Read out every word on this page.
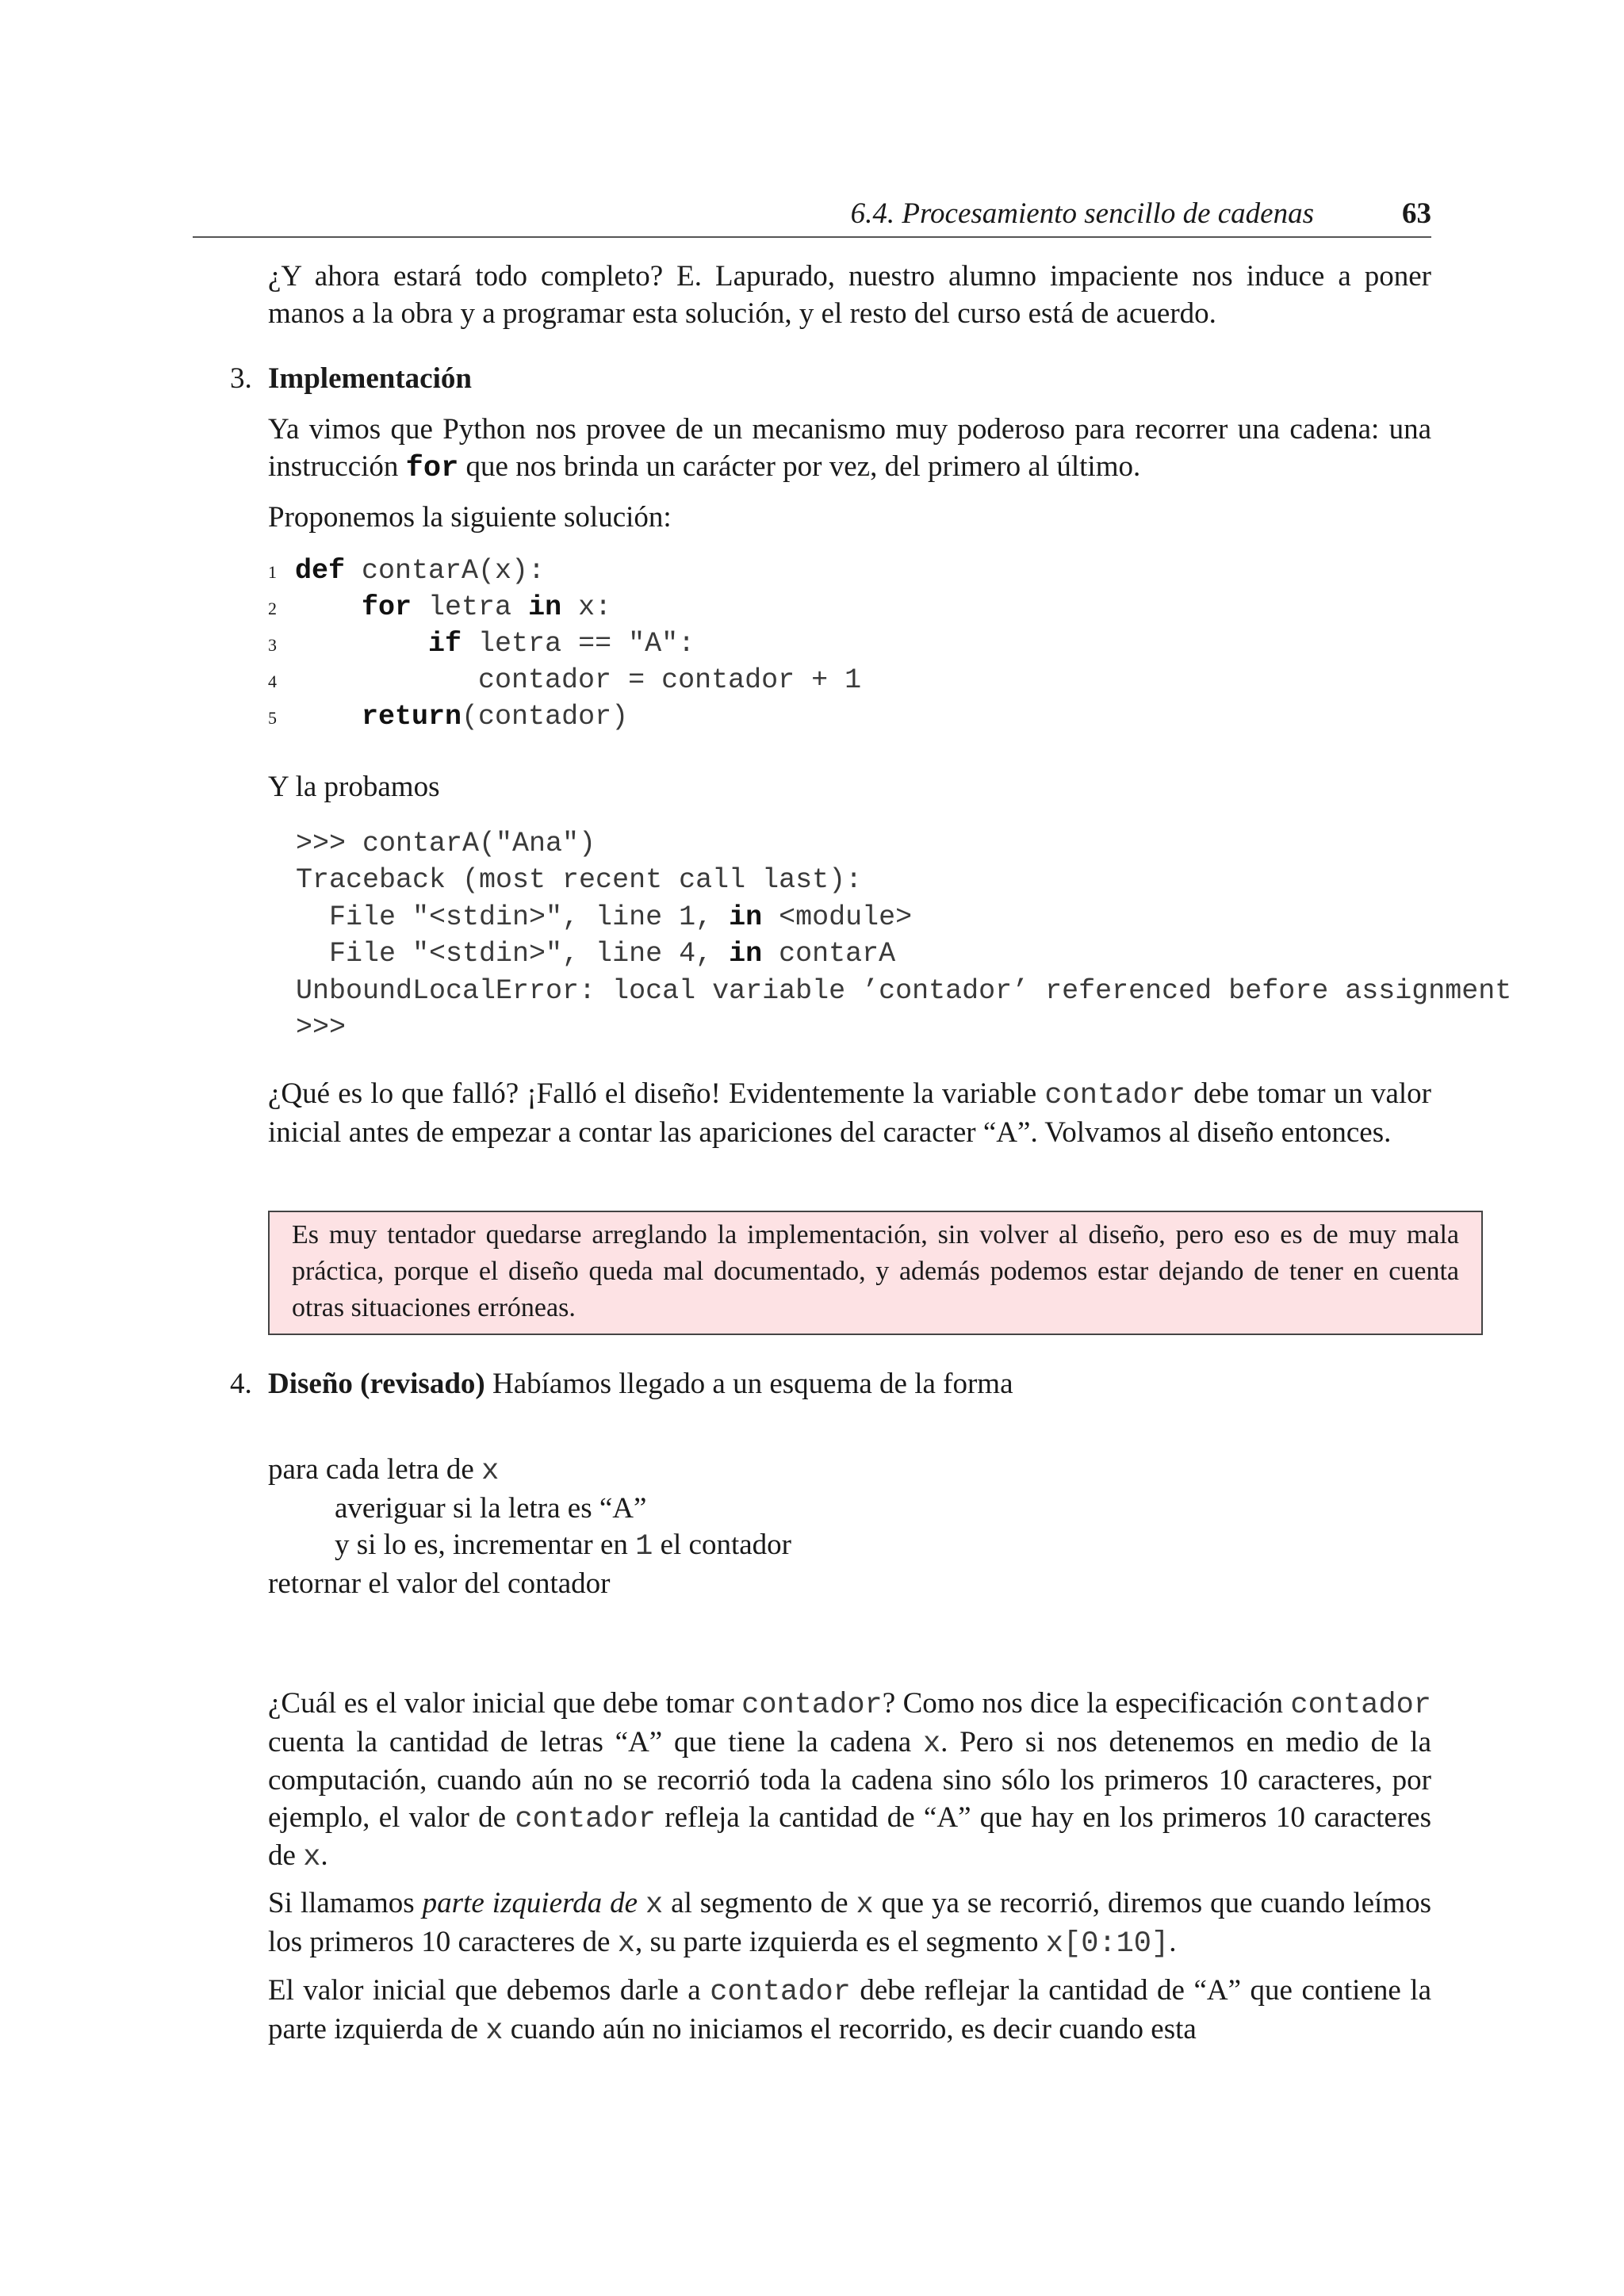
6.4. Procesamiento sencillo de cadenas	63

¿Y ahora estará todo completo? E. Lapurado, nuestro alumno impaciente nos induce a poner manos a la obra y a programar esta solución, y el resto del curso está de acuerdo.

3. Implementación

Ya vimos que Python nos provee de un mecanismo muy poderoso para recorrer una cadena: una instrucción for que nos brinda un carácter por vez, del primero al último.

Proponemos la siguiente solución:

1 def contarA(x):
2	for letra in x:
3	if letra == "A":
4           contador = contador + 1
5	return(contador)

Y la probamos

>>> contarA("Ana")
Traceback (most recent call last):
File "<stdin>", line 1, in <module>
File "<stdin>", line 4, in contarA
UnboundLocalError: local variable ’contador’ referenced before assignment
>>>

¿Qué es lo que falló? ¡Falló el diseño! Evidentemente la variable contador debe tomar un valor inicial antes de empezar a contar las apariciones del caracter “A”. Volvamos al diseño entonces.

Es muy tentador quedarse arreglando la implementación, sin volver al diseño, pero eso es de muy mala práctica, porque el diseño queda mal documentado, y además podemos estar dejando de tener en cuenta otras situaciones erróneas.

4. Diseño (revisado) Habíamos llegado a un esquema de la forma
para cada letra de x
averiguar si la letra es “A”
y si lo es, incrementar en 1 el contador
retornar el valor del contador

¿Cuál es el valor inicial que debe tomar contador? Como nos dice la especificación contador cuenta la cantidad de letras “A” que tiene la cadena x. Pero si nos detenemos en medio de la computación, cuando aún no se recorrió toda la cadena sino sólo los primeros 10 caracteres, por ejemplo, el valor de contador refleja la cantidad de “A” que hay en los primeros 10 caracteres de x.

Si llamamos parte izquierda de x al segmento de x que ya se recorrió, diremos que cuando leímos los primeros 10 caracteres de x, su parte izquierda es el segmento x[0:10].

El valor inicial que debemos darle a contador debe reflejar la cantidad de “A” que contiene la parte izquierda de x cuando aún no iniciamos el recorrido, es decir cuando esta
